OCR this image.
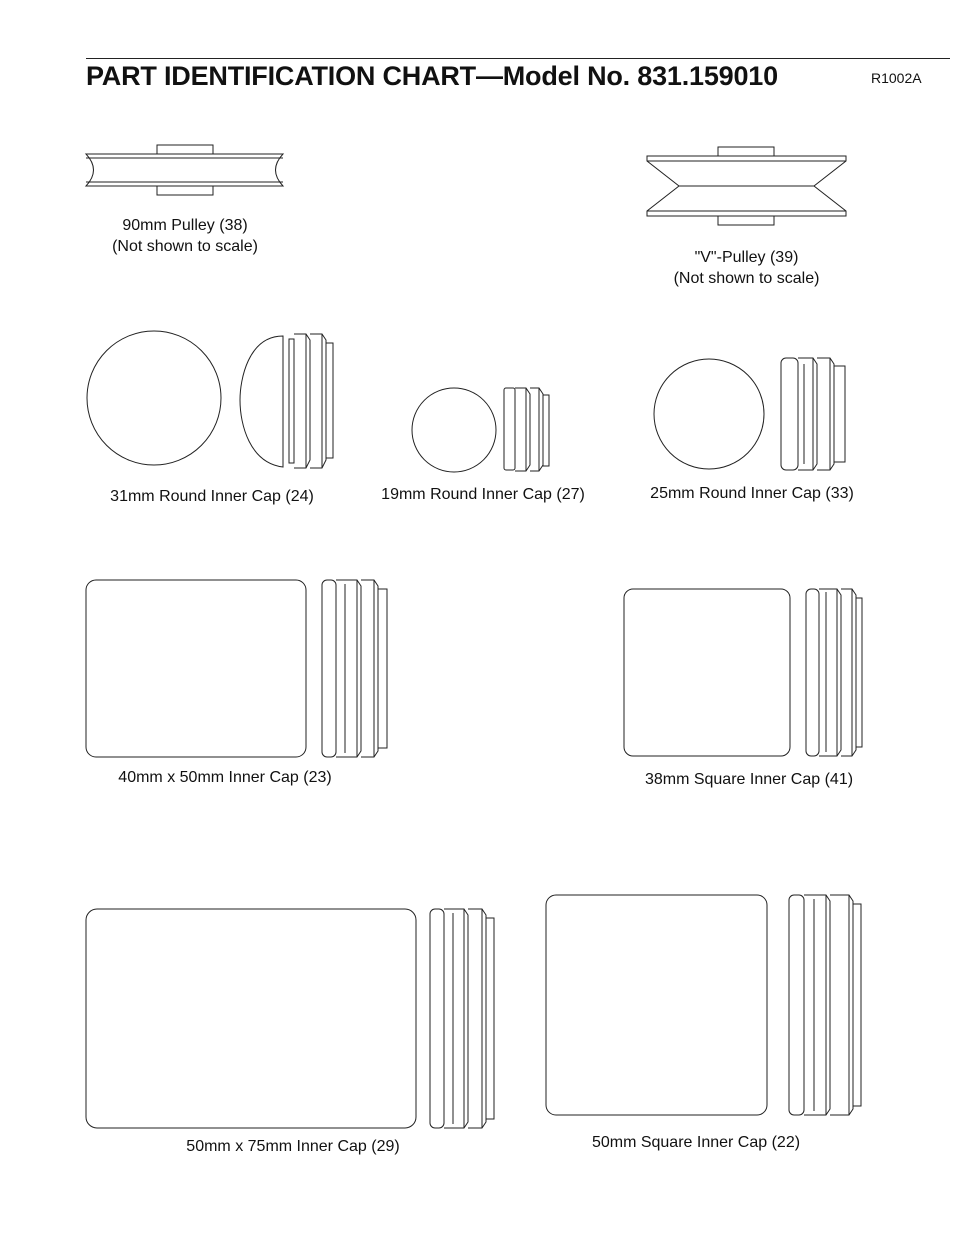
PART IDENTIFICATION CHART—Model No. 831.159010	R1002A
90mm Pulley (38)
(Not shown to scale)
"V"-Pulley (39)
(Not shown to scale)
31mm Round Inner Cap (24)	19mm Round Inner Cap (27)	25mm Round Inner Cap (33)
40mm x 50mm Inner Cap (23)	38mm Square Inner Cap (41)
50mm x 75mm Inner Cap (29)	50mm Square Inner Cap (22)
